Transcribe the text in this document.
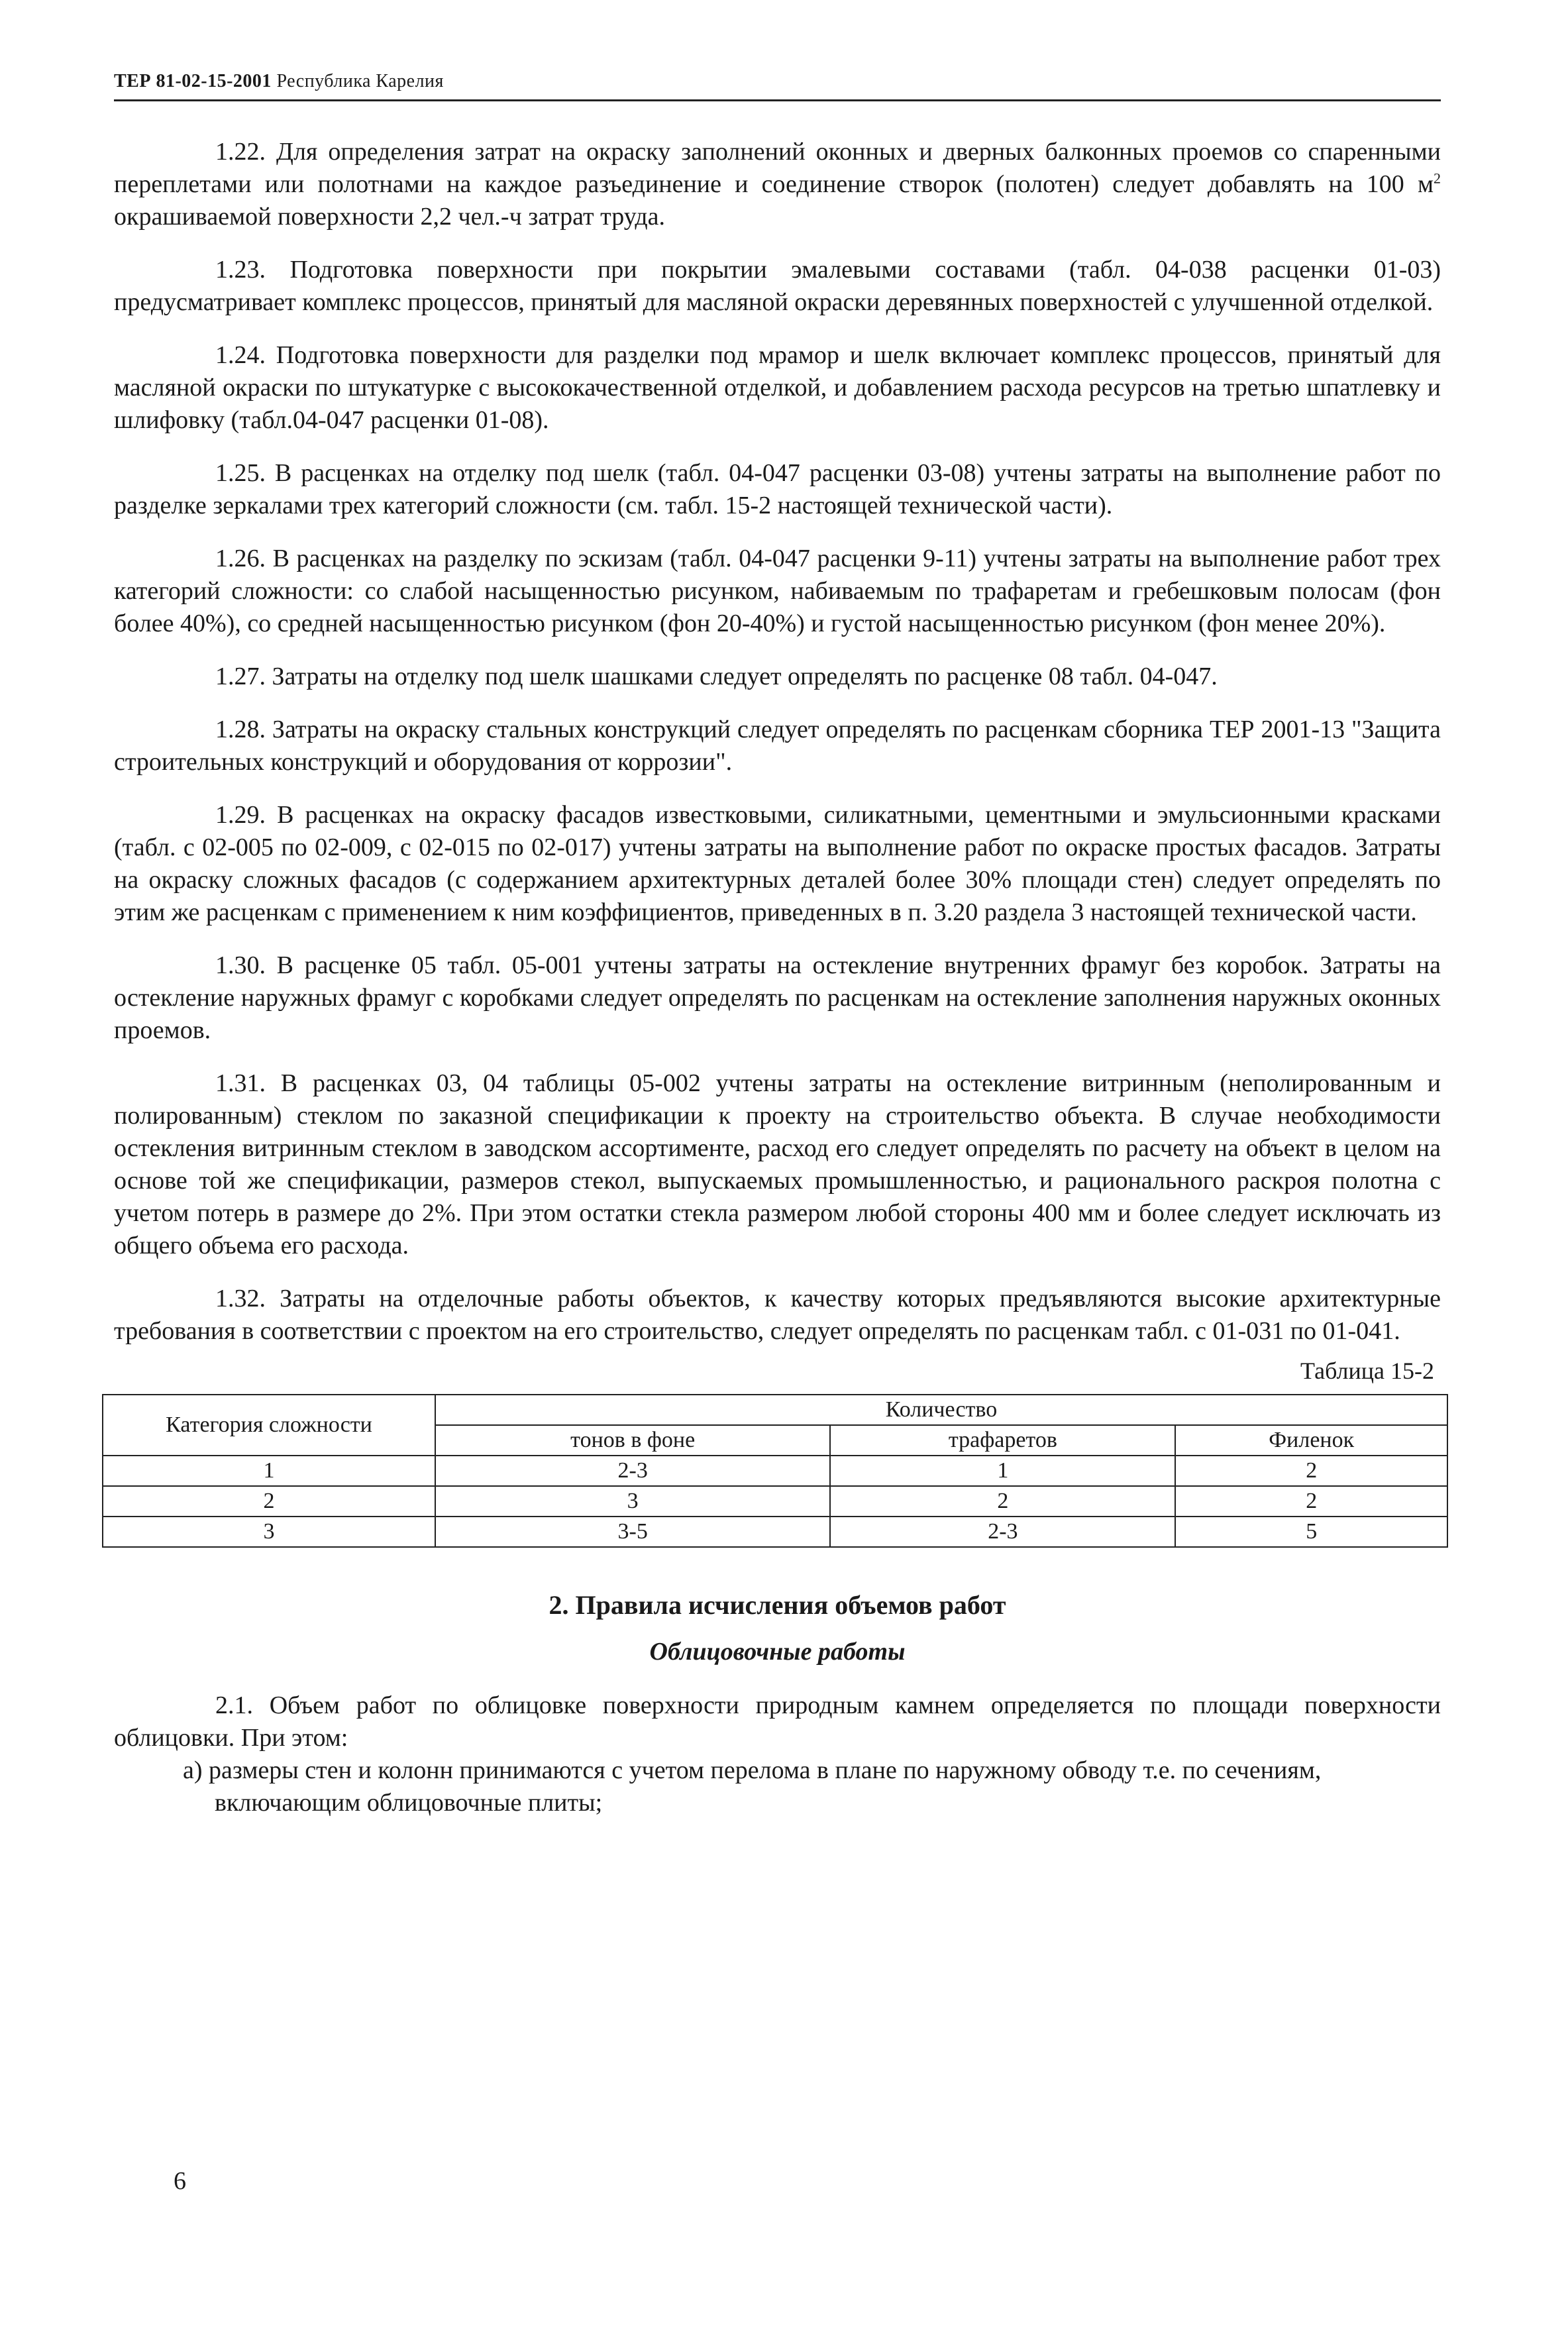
ТЕР 81-02-15-2001 Республика Карелия

1.22. Для определения затрат на окраску заполнений оконных и дверных балконных проемов со спаренными переплетами или полотнами на каждое разъединение и соединение створок (полотен) следует добавлять на 100 $м^2$ окрашиваемой поверхности 2,2 чел.-ч затрат труда.

1.23. Подготовка поверхности при покрытии эмалевыми составами (табл. 04-038 расценки 01-03) предусматривает комплекс процессов, принятый для масляной окраски деревянных поверхностей с улучшенной отделкой.

1.24. Подготовка поверхности для разделки под мрамор и шелк включает комплекс процессов, принятый для масляной окраски по штукатурке с высококачественной отделкой, и добавлением расхода ресурсов на третью шпатлевку и шлифовку (табл.04-047 расценки 01-08).

1.25. В расценках на отделку под шелк (табл. 04-047 расценки 03-08) учтены затраты на выполнение работ по разделке зеркалами трех категорий сложности (см. табл. 15-2 настоящей технической части).

1.26. В расценках на разделку по эскизам (табл. 04-047 расценки 9-11) учтены затраты на выполнение работ трех категорий сложности: со слабой насыщенностью рисунком, набиваемым по трафаретам и гребешковым полосам (фон более 40%), со средней насыщенностью рисунком (фон 20-40%) и густой насыщенностью рисунком (фон менее 20%).

1.27. Затраты на отделку под шелк шашками следует определять по расценке 08 табл. 04-047.

1.28. Затраты на окраску стальных конструкций следует определять по расценкам сборника ТЕР 2001-13 "Защита строительных конструкций и оборудования от коррозии".

1.29. В расценках на окраску фасадов известковыми, силикатными, цементными и эмульсионными красками (табл. с 02-005 по 02-009, с 02-015 по 02-017) учтены затраты на выполнение работ по окраске простых фасадов. Затраты на окраску сложных фасадов (с содержанием архитектурных деталей более 30% площади стен) следует определять по этим же расценкам с применением к ним коэффициентов, приведенных в п. 3.20 раздела 3 настоящей технической части.

1.30. В расценке 05 табл. 05-001 учтены затраты на остекление внутренних фрамуг без коробок. Затраты на остекление наружных фрамуг с коробками следует определять по расценкам на остекление заполнения наружных оконных проемов.

1.31. В расценках 03, 04 таблицы 05-002 учтены затраты на остекление витринным (неполированным и полированным) стеклом по заказной спецификации к проекту на строительство объекта. В случае необходимости остекления витринным стеклом в заводском ассортименте, расход его следует определять по расчету на объект в целом на основе той же спецификации, размеров стекол, выпускаемых промышленностью, и рационального раскроя полотна с учетом потерь в размере до 2%. При этом остатки стекла размером любой стороны 400 мм и более следует исключать из общего объема его расхода.

1.32. Затраты на отделочные работы объектов, к качеству которых предъявляются высокие архитектурные требования в соответствии с проектом на его строительство, следует определять по расценкам табл. с 01-031 по 01-041.

Таблица 15-2
Категория сложности	Количество		
	тонов в фоне	трафаретов	Филенок
1	2-3	1	2
2	3	2	2
3	3-5	2-3	5
2. Правила исчисления объемов работ
Облицовочные работы

2.1. Объем работ по облицовке поверхности природным камнем определяется по площади поверхности облицовки. При этом:

а) размеры стен и колонн принимаются с учетом перелома в плане по наружному обводу т.е. по сечениям, включающим облицовочные плиты;

6
